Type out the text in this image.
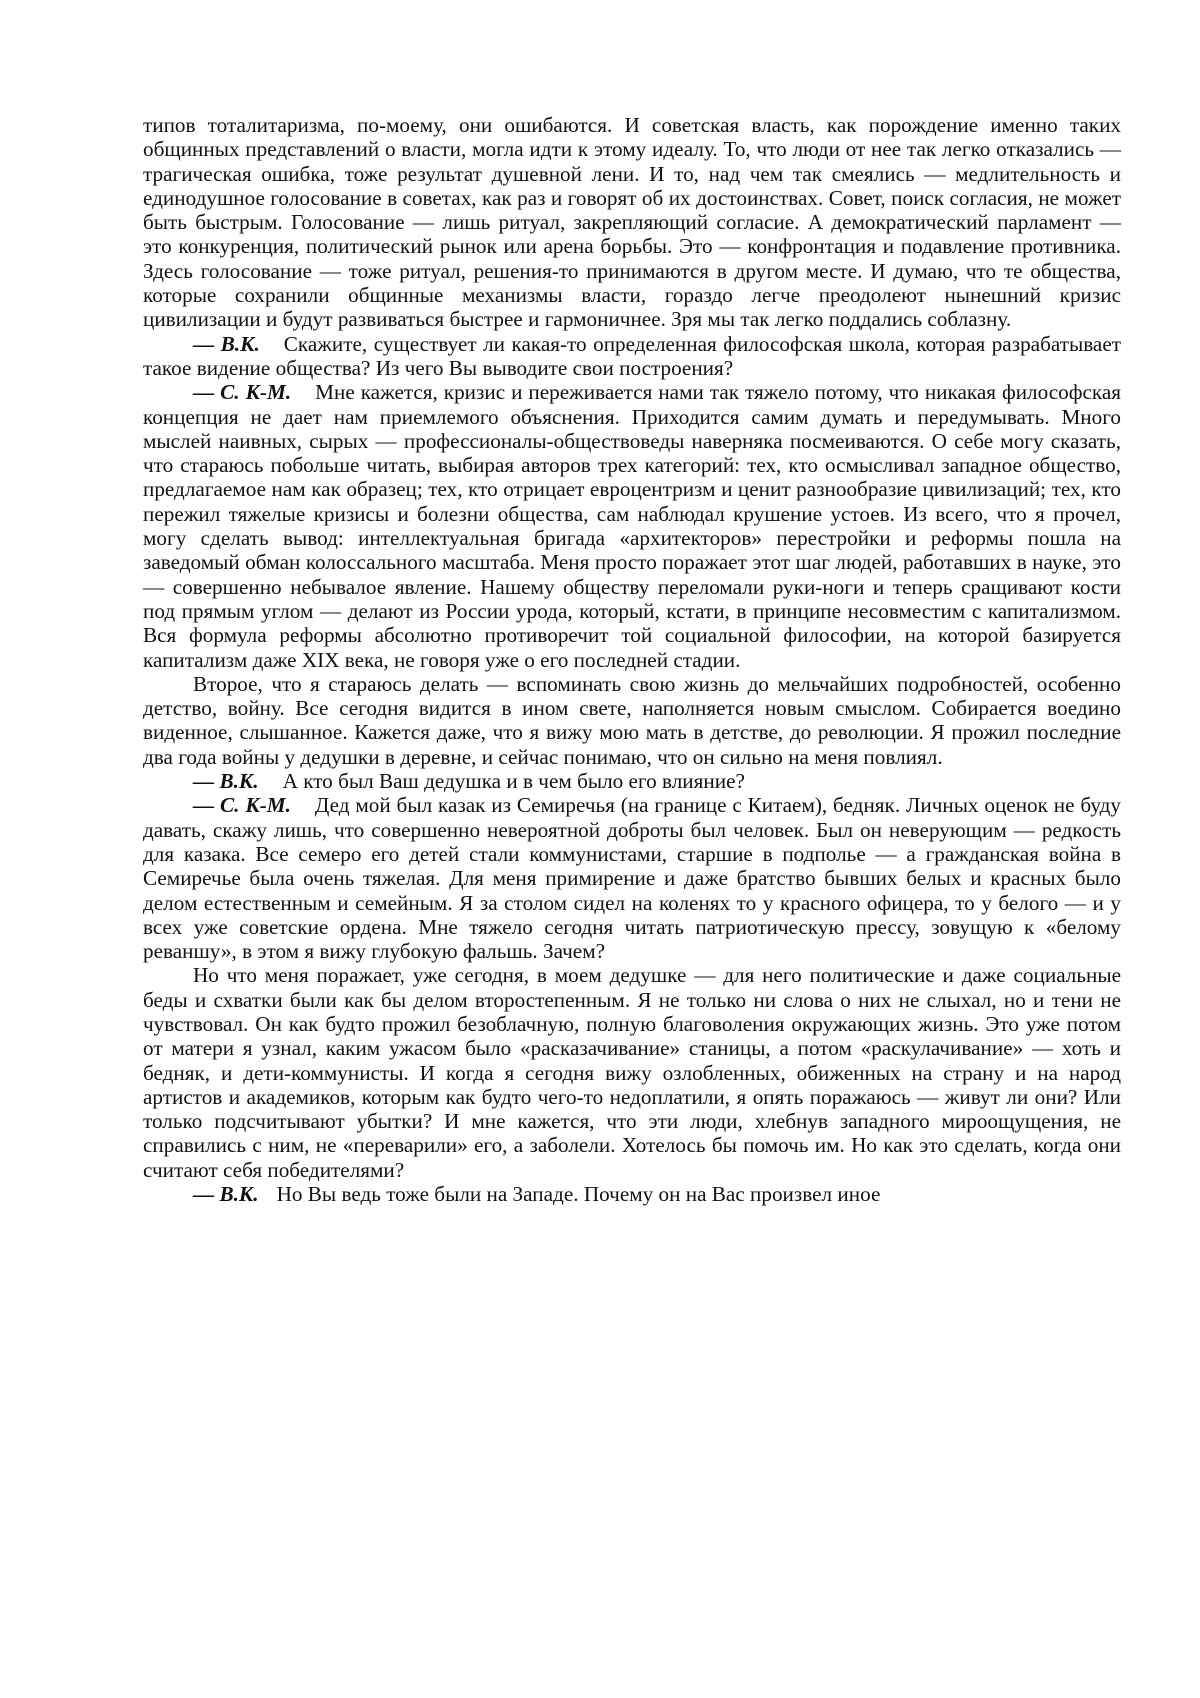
типов тоталитаризма, по-моему, они ошибаются. И советская власть, как порождение именно таких общинных представлений о власти, могла идти к этому идеалу. То, что люди от нее так легко отказались — трагическая ошибка, тоже результат душевной лени. И то, над чем так смеялись — медлительность и единодушное голосование в советах, как раз и говорят об их достоинствах. Совет, поиск согласия, не может быть быстрым. Голосование — лишь ритуал, закрепляющий согласие. А демократический парламент — это конкуренция, политический рынок или арена борьбы. Это — конфронтация и подавление противника. Здесь голосование — тоже ритуал, решения-то принимаются в другом месте. И думаю, что те общества, которые сохранили общинные механизмы власти, гораздо легче преодолеют нынешний кризис цивилизации и будут развиваться быстрее и гармоничнее. Зря мы так легко поддались соблазну.

— В.К. Скажите, существует ли какая-то определенная философская школа, которая разрабатывает такое видение общества? Из чего Вы выводите свои построения?

— С. К-М. Мне кажется, кризис и переживается нами так тяжело потому, что никакая философская концепция не дает нам приемлемого объяснения. Приходится самим думать и передумывать. Много мыслей наивных, сырых — профессионалы-обществоведы наверняка посмеиваются. О себе могу сказать, что стараюсь побольше читать, выбирая авторов трех категорий: тех, кто осмысливал западное общество, предлагаемое нам как образец; тех, кто отрицает евроцентризм и ценит разнообразие цивилизаций; тех, кто пережил тяжелые кризисы и болезни общества, сам наблюдал крушение устоев. Из всего, что я прочел, могу сделать вывод: интеллектуальная бригада «архитекторов» перестройки и реформы пошла на заведомый обман колоссального масштаба. Меня просто поражает этот шаг людей, работавших в науке, это — совершенно небывалое явление. Нашему обществу переломали руки-ноги и теперь сращивают кости под прямым углом — делают из России урода, который, кстати, в принципе несовместим с капитализмом. Вся формула реформы абсолютно противоречит той социальной философии, на которой базируется капитализм даже XIX века, не говоря уже о его последней стадии.

Второе, что я стараюсь делать — вспоминать свою жизнь до мельчайших подробностей, особенно детство, войну. Все сегодня видится в ином свете, наполняется новым смыслом. Собирается воедино виденное, слышанное. Кажется даже, что я вижу мою мать в детстве, до революции. Я прожил последние два года войны у дедушки в деревне, и сейчас понимаю, что он сильно на меня повлиял.

— В.К. А кто был Ваш дедушка и в чем было его влияние?

— С. К-М. Дед мой был казак из Семиречья (на границе с Китаем), бедняк. Личных оценок не буду давать, скажу лишь, что совершенно невероятной доброты был человек. Был он неверующим — редкость для казака. Все семеро его детей стали коммунистами, старшие в подполье — а гражданская война в Семиречье была очень тяжелая. Для меня примирение и даже братство бывших белых и красных было делом естественным и семейным. Я за столом сидел на коленях то у красного офицера, то у белого — и у всех уже советские ордена. Мне тяжело сегодня читать патриотическую прессу, зовущую к «белому реваншу», в этом я вижу глубокую фальшь. Зачем?

Но что меня поражает, уже сегодня, в моем дедушке — для него политические и даже социальные беды и схватки были как бы делом второстепенным. Я не только ни слова о них не слыхал, но и тени не чувствовал. Он как будто прожил безоблачную, полную благоволения окружающих жизнь. Это уже потом от матери я узнал, каким ужасом было «расказачивание» станицы, а потом «раскулачивание» — хоть и бедняк, и дети-коммунисты. И когда я сегодня вижу озлобленных, обиженных на страну и на народ артистов и академиков, которым как будто чего-то недоплатили, я опять поражаюсь — живут ли они? Или только подсчитывают убытки? И мне кажется, что эти люди, хлебнув западного мироощущения, не справились с ним, не «переварили» его, а заболели. Хотелось бы помочь им. Но как это сделать, когда они считают себя победителями?

— В.К. Но Вы ведь тоже были на Западе. Почему он на Вас произвел иное
